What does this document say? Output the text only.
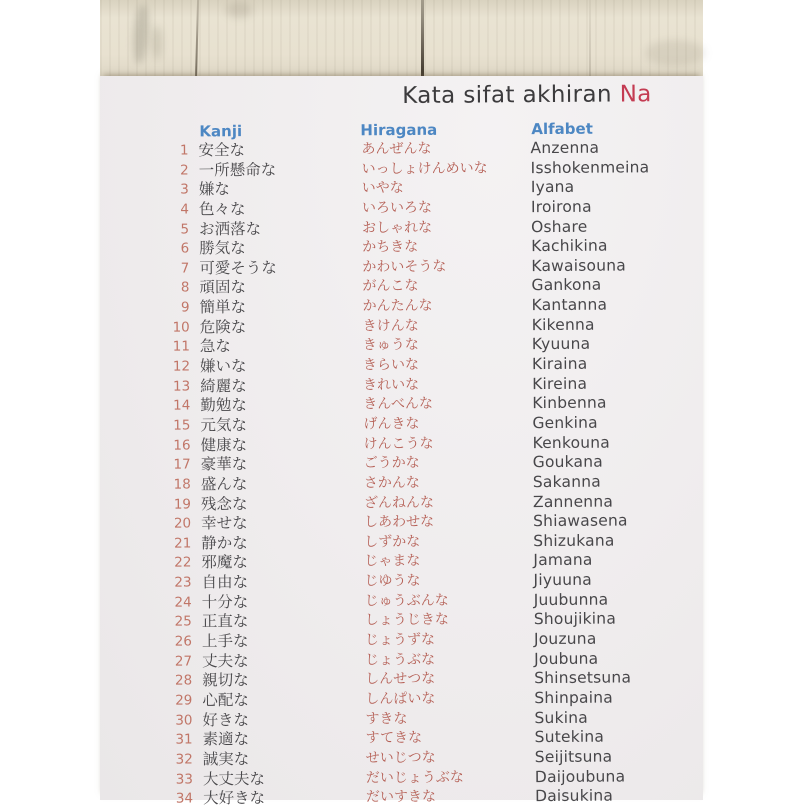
Kata sifat akhiran Na
Kanji	Hiragana	Alfabet
1 安全な	あんぜんな	Anzenna
2 一所懸命な	いっしょけんめいな	Isshokenmeina
3 嫌な	いやな	Iyana
4 色々な	いろいろな	Iroirona
5 お洒落な	おしゃれな	Oshare
6 勝気な	かちきな	Kachikina
7 可愛そうな	かわいそうな	Kawaisouna
8 頑固な	がんこな	Gankona
9 簡単な	かんたんな	Kantanna
10 危険な	きけんな	Kikenna
11 急な	きゅうな	Kyuuna
12 嫌いな	きらいな	Kiraina
13 綺麗な	きれいな	Kireina
14 勤勉な	きんべんな	Kinbenna
15 元気な	げんきな	Genkina
16 健康な	けんこうな	Kenkouna
17 豪華な	ごうかな	Goukana
18 盛んな	さかんな	Sakanna
19 残念な	ざんねんな	Zannenna
20 幸せな	しあわせな	Shiawasena
21 静かな	しずかな	Shizukana
22 邪魔な	じゃまな	Jamana
23 自由な	じゆうな	Jiyuuna
24 十分な	じゅうぶんな	Juubunna
25 正直な	しょうじきな	Shoujikina
26 上手な	じょうずな	Jouzuna
27 丈夫な	じょうぶな	Joubuna
28 親切な	しんせつな	Shinsetsuna
29 心配な	しんぱいな	Shinpaina
30 好きな	すきな	Sukina
31 素適な	すてきな	Sutekina
32 誠実な	せいじつな	Seijitsuna
33 大丈夫な	だいじょうぶな	Daijoubuna
34 大好きな	だいすきな	Daisukina
